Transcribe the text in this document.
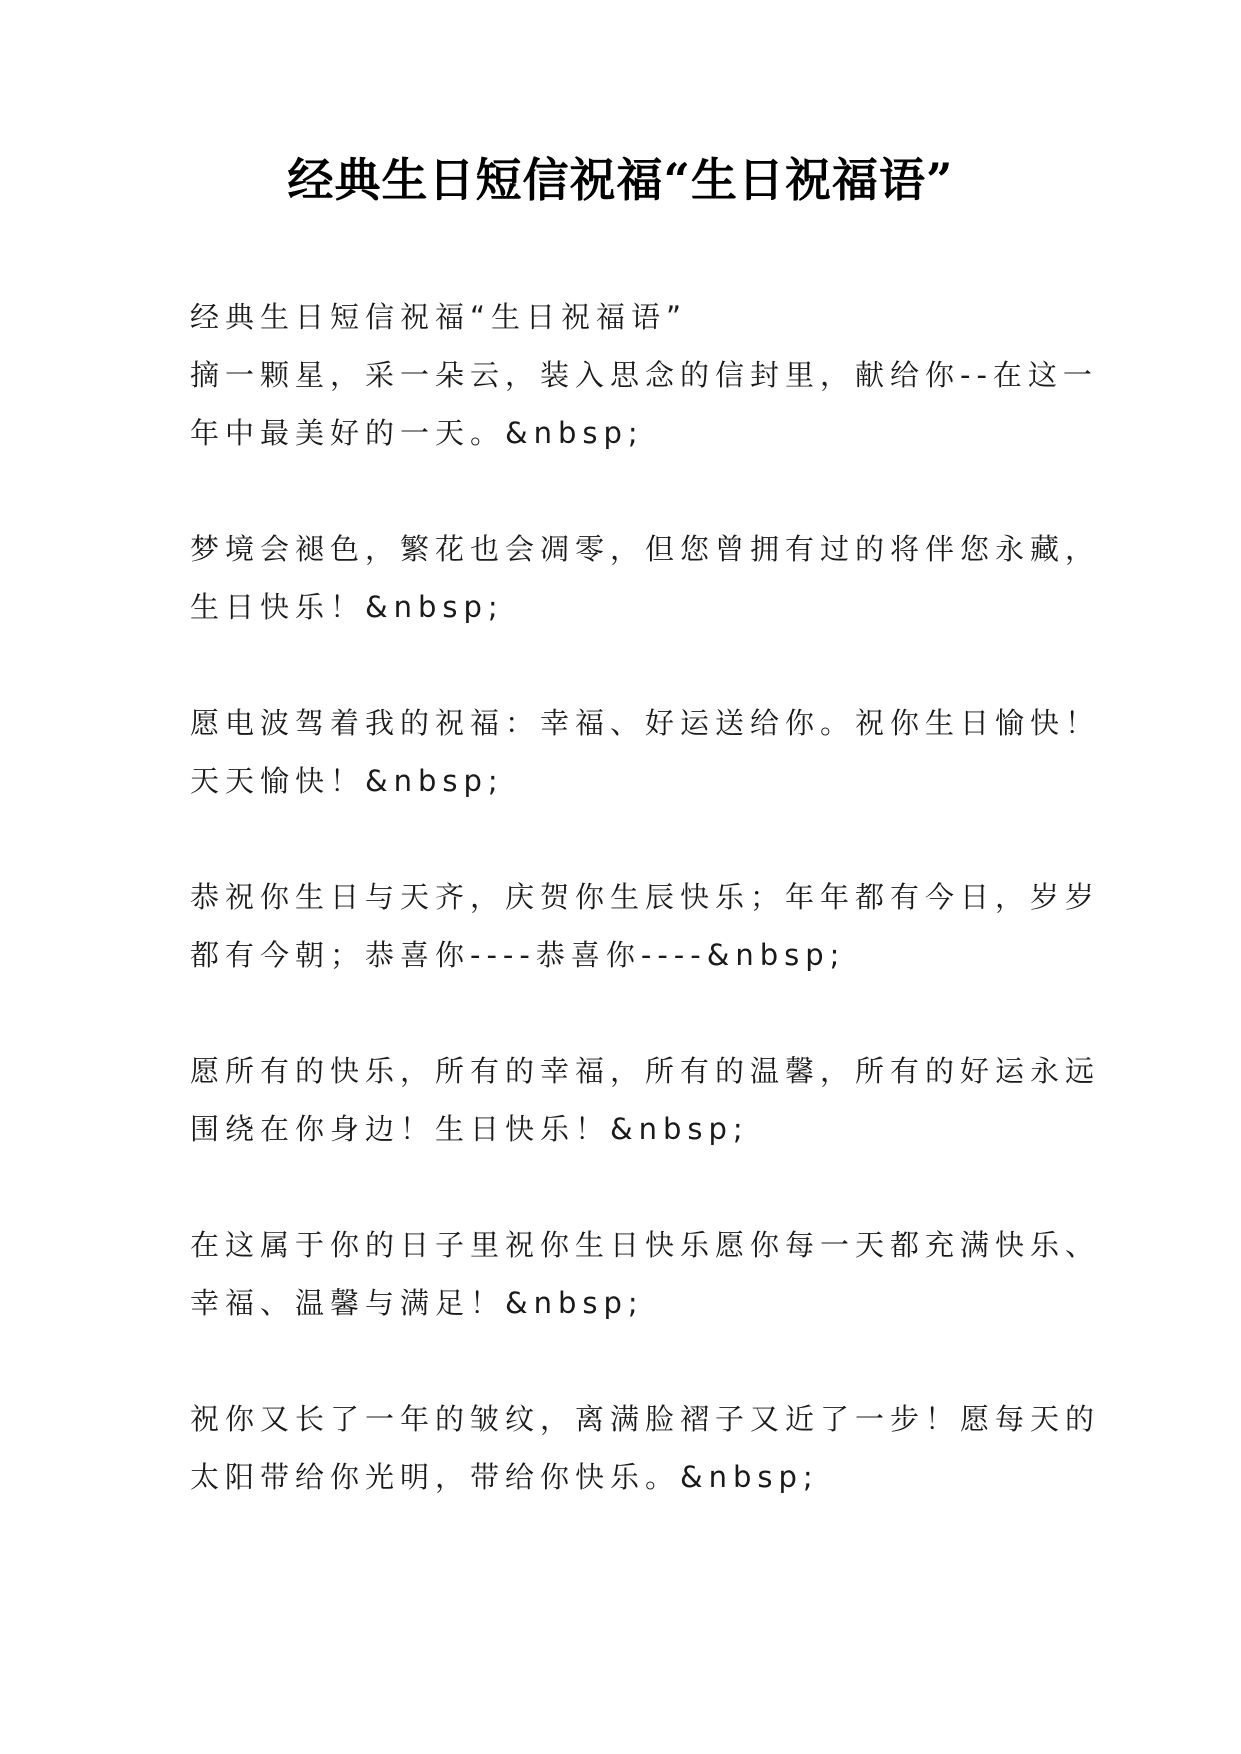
经典生日短信祝福“生日祝福语”
经典生日短信祝福“生日祝福语”
摘一颗星，采一朵云，装入思念的信封里，献给你--在这一
年中最美好的一天。&nbsp;
梦境会褪色，繁花也会凋零，但您曾拥有过的将伴您永藏，
生日快乐！&nbsp;
愿电波驾着我的祝福：幸福、好运送给你。祝你生日愉快！
天天愉快！&nbsp;
恭祝你生日与天齐，庆贺你生辰快乐；年年都有今日，岁岁
都有今朝；恭喜你----恭喜你----&nbsp;
愿所有的快乐，所有的幸福，所有的温馨，所有的好运永远
围绕在你身边！生日快乐！&nbsp;
在这属于你的日子里祝你生日快乐愿你每一天都充满快乐、
幸福、温馨与满足！&nbsp;
祝你又长了一年的皱纹，离满脸褶子又近了一步！愿每天的
太阳带给你光明，带给你快乐。&nbsp;
